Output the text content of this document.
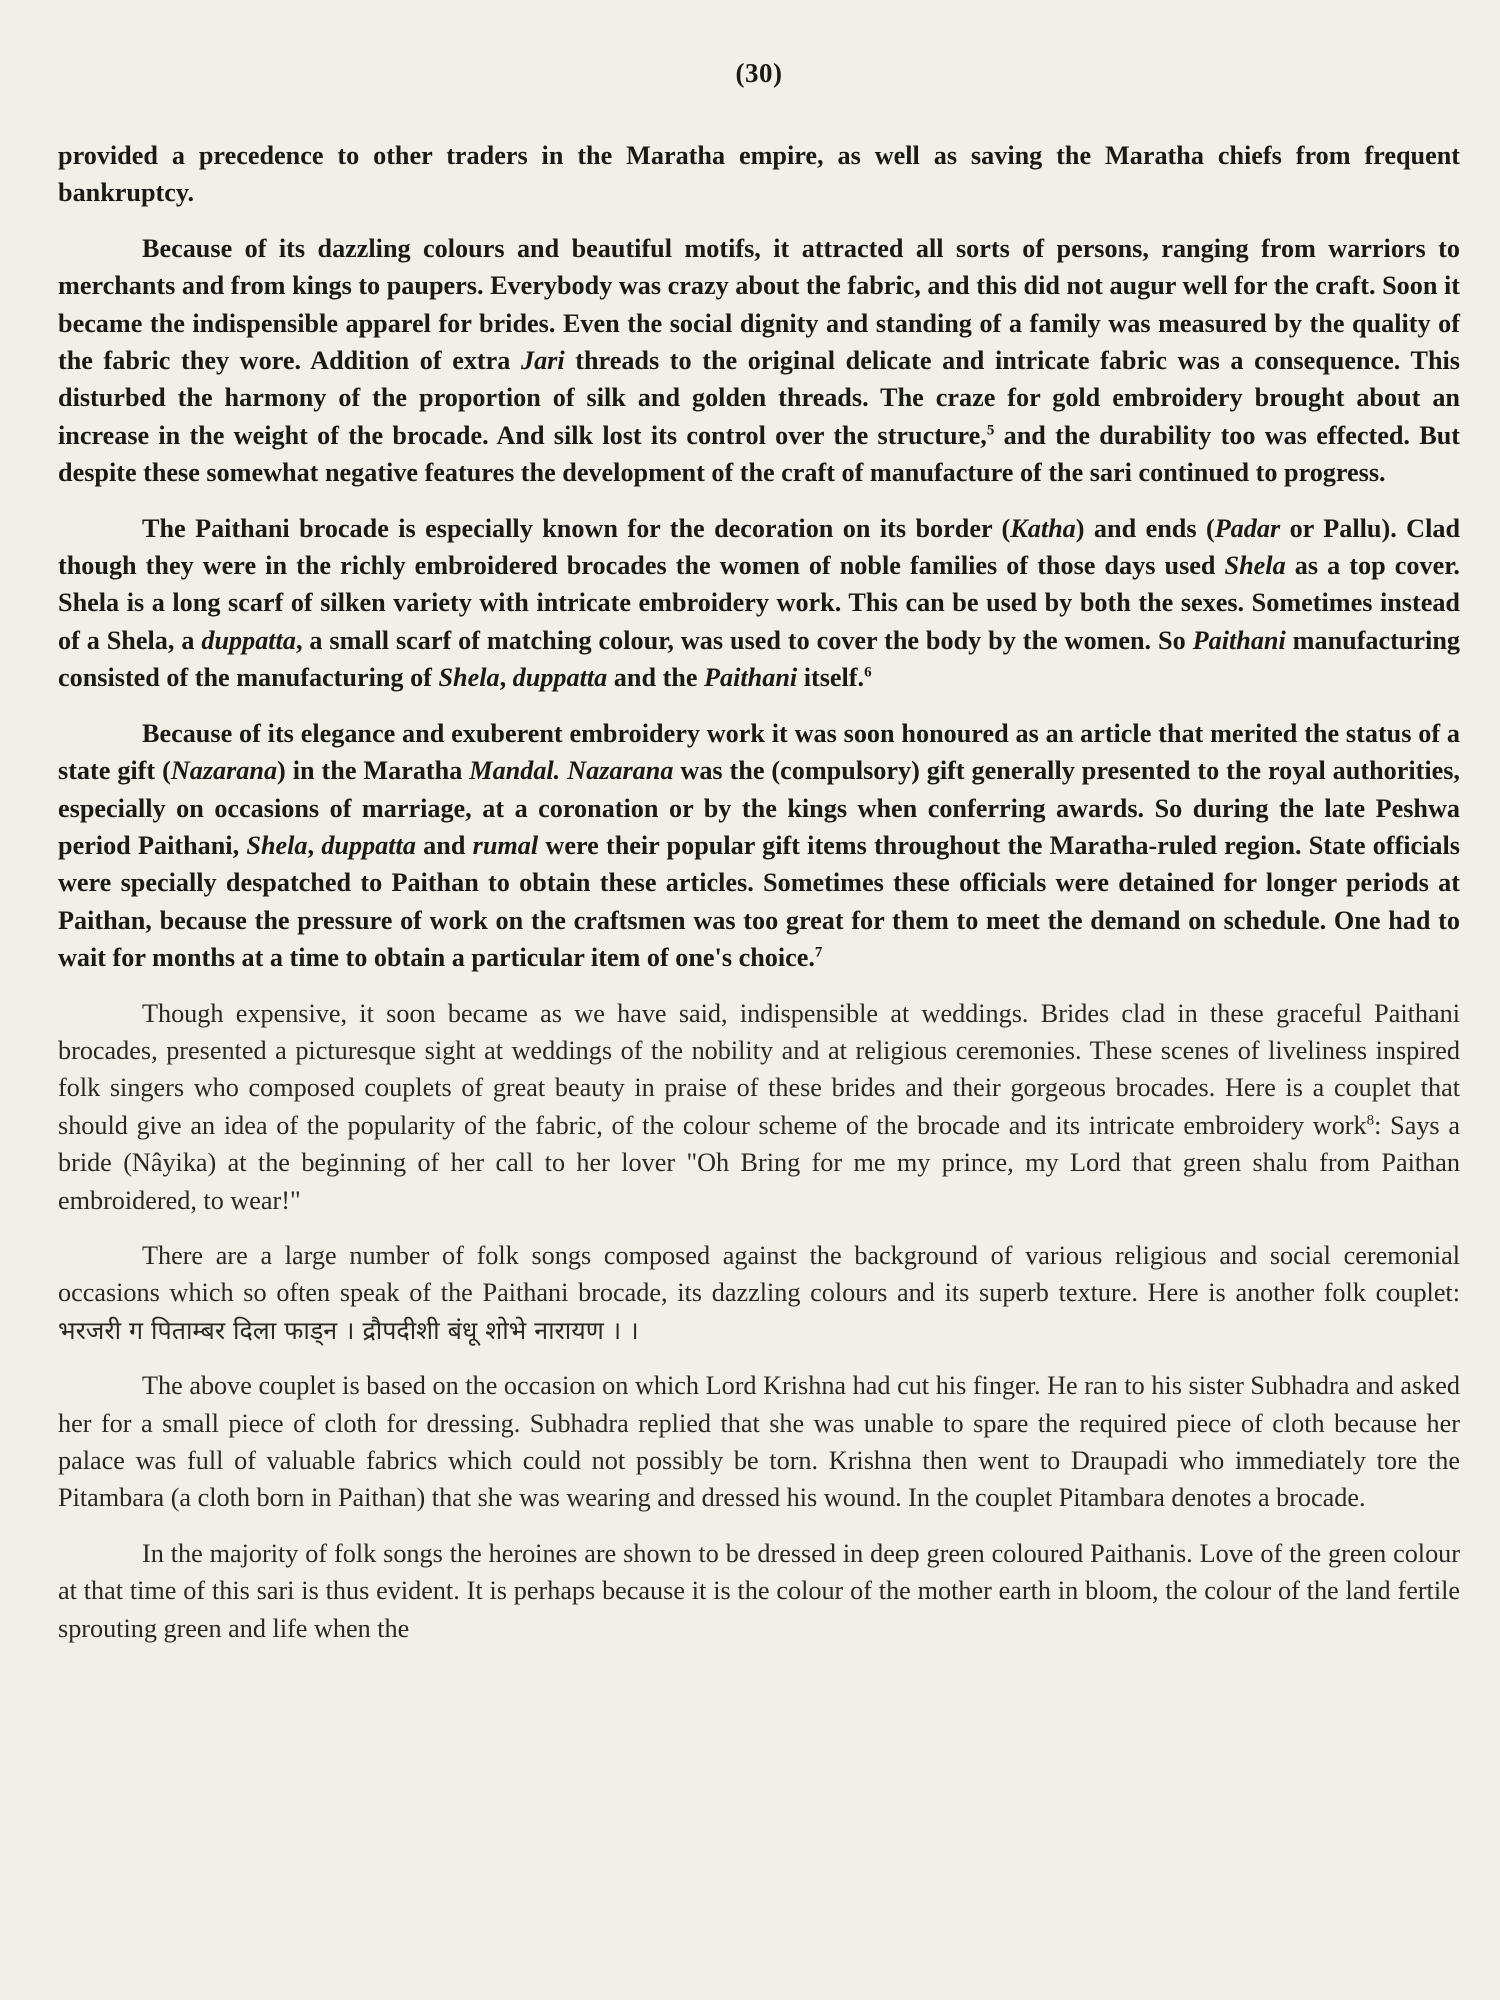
(30)

provided a precedence to other traders in the Maratha empire, as well as saving the Maratha chiefs from frequent bankruptcy.

Because of its dazzling colours and beautiful motifs, it attracted all sorts of persons, ranging from warriors to merchants and from kings to paupers. Everybody was crazy about the fabric, and this did not augur well for the craft. Soon it became the indispensible apparel for brides. Even the social dignity and standing of a family was measured by the quality of the fabric they wore. Addition of extra Jari threads to the original delicate and intricate fabric was a consequence. This disturbed the harmony of the proportion of silk and golden threads. The craze for gold embroidery brought about an increase in the weight of the brocade. And silk lost its control over the structure,$^5$ and the durability too was effected. But despite these somewhat negative features the development of the craft of manufacture of the sari continued to progress.

The Paithani brocade is especially known for the decoration on its border (Katha) and ends (Padar or Pallu). Clad though they were in the richly embroidered brocades the women of noble families of those days used Shela as a top cover. Shela is a long scarf of silken variety with intricate embroidery work. This can be used by both the sexes. Sometimes instead of a Shela, a duppatta, a small scarf of matching colour, was used to cover the body by the women. So Paithani manufacturing consisted of the manufacturing of Shela, duppatta and the Paithani itself.$^6$

Because of its elegance and exuberent embroidery work it was soon honoured as an article that merited the status of a state gift (Nazarana) in the Maratha Mandal. Nazarana was the (compulsory) gift generally presented to the royal authorities, especially on occasions of marriage, at a coronation or by the kings when conferring awards. So during the late Peshwa period Paithani, Shela, duppatta and rumal were their popular gift items throughout the Maratha-ruled region. State officials were specially despatched to Paithan to obtain these articles. Sometimes these officials were detained for longer periods at Paithan, because the pressure of work on the craftsmen was too great for them to meet the demand on schedule. One had to wait for months at a time to obtain a particular item of one's choice.$^7$

Though expensive, it soon became as we have said, indispensible at weddings. Brides clad in these graceful Paithani brocades, presented a picturesque sight at weddings of the nobility and at religious ceremonies. These scenes of liveliness inspired folk singers who composed couplets of great beauty in praise of these brides and their gorgeous brocades. Here is a couplet that should give an idea of the popularity of the fabric, of the colour scheme of the brocade and its intricate embroidery work$^8$: Says a bride (Nâyika) at the beginning of her call to her lover "Oh Bring for me my prince, my Lord that green shalu from Paithan embroidered, to wear!"

There are a large number of folk songs composed against the background of various religious and social ceremonial occasions which so often speak of the Paithani brocade, its dazzling colours and its superb texture. Here is another folk couplet: भरजरी ग पिताम्बर दिला फाड्न । द्रौपदीशी बंधू शोभे नारायण । ।

The above couplet is based on the occasion on which Lord Krishna had cut his finger. He ran to his sister Subhadra and asked her for a small piece of cloth for dressing. Subhadra replied that she was unable to spare the required piece of cloth because her palace was full of valuable fabrics which could not possibly be torn. Krishna then went to Draupadi who immediately tore the Pitambara (a cloth born in Paithan) that she was wearing and dressed his wound. In the couplet Pitambara denotes a brocade.

In the majority of folk songs the heroines are shown to be dressed in deep green coloured Paithanis. Love of the green colour at that time of this sari is thus evident. It is perhaps because it is the colour of the mother earth in bloom, the colour of the land fertile sprouting green and life when the
